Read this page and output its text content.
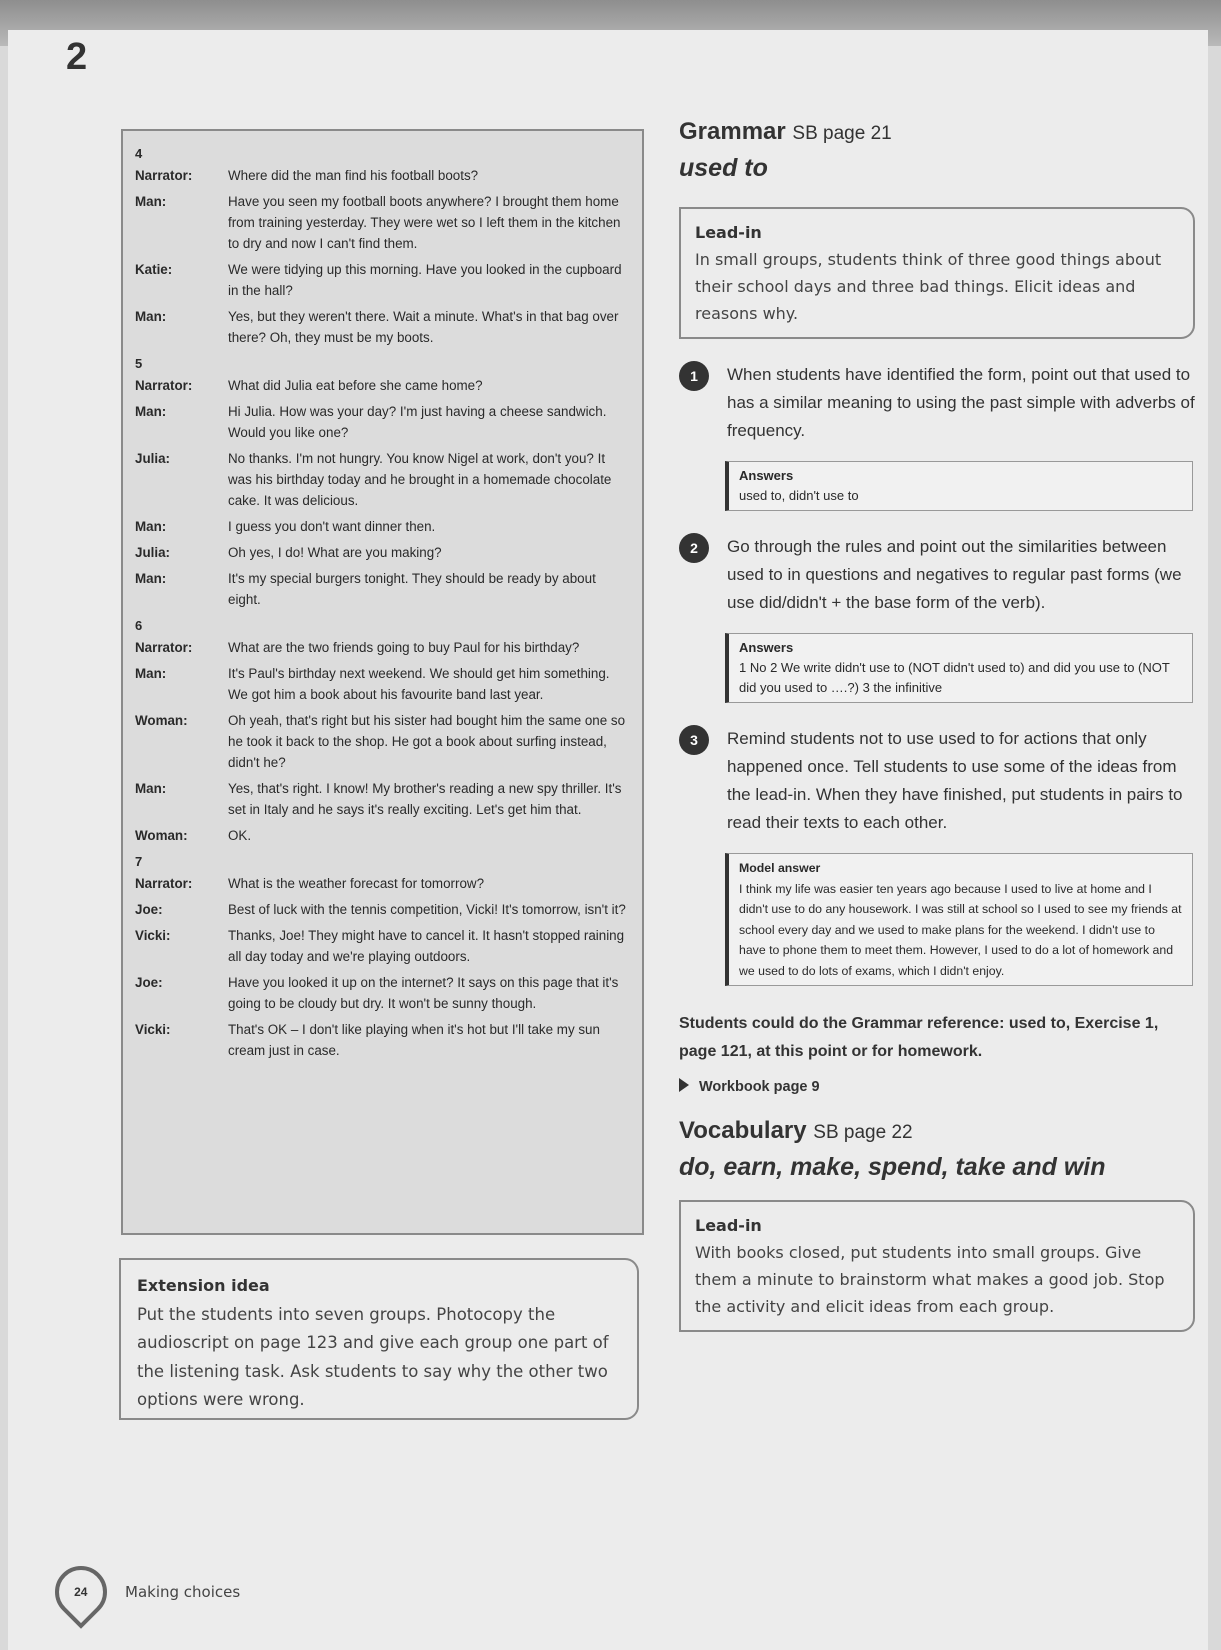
2
4
Narrator:	Where did the man find his football boots?
Man:	Have you seen my football boots anywhere? I brought them home from training yesterday. They were wet so I left them in the kitchen to dry and now I can't find them.
Katie:	We were tidying up this morning. Have you looked in the cupboard in the hall?
Man:	Yes, but they weren't there. Wait a minute. What's in that bag over there? Oh, they must be my boots.
5
Narrator:	What did Julia eat before she came home?
Man:	Hi Julia. How was your day? I'm just having a cheese sandwich. Would you like one?
Julia:	No thanks. I'm not hungry. You know Nigel at work, don't you? It was his birthday today and he brought in a homemade chocolate cake. It was delicious.
Man:	I guess you don't want dinner then.
Julia:	Oh yes, I do! What are you making?
Man:	It's my special burgers tonight. They should be ready by about eight.
6
Narrator:	What are the two friends going to buy Paul for his birthday?
Man:	It's Paul's birthday next weekend. We should get him something. We got him a book about his favourite band last year.
Woman:	Oh yeah, that's right but his sister had bought him the same one so he took it back to the shop. He got a book about surfing instead, didn't he?
Man:	Yes, that's right. I know! My brother's reading a new spy thriller. It's set in Italy and he says it's really exciting. Let's get him that.
Woman:	OK.
7
Narrator:	What is the weather forecast for tomorrow?
Joe:	Best of luck with the tennis competition, Vicki! It's tomorrow, isn't it?
Vicki:	Thanks, Joe! They might have to cancel it. It hasn't stopped raining all day today and we're playing outdoors.
Joe:	Have you looked it up on the internet? It says on this page that it's going to be cloudy but dry. It won't be sunny though.
Vicki:	That's OK – I don't like playing when it's hot but I'll take my sun cream just in case.
Extension idea
Put the students into seven groups. Photocopy the audioscript on page 123 and give each group one part of the listening task. Ask students to say why the other two options were wrong.
Grammar SB page 21
used to
Lead-in
In small groups, students think of three good things about their school days and three bad things. Elicit ideas and reasons why.
1	When students have identified the form, point out that used to has a similar meaning to using the past simple with adverbs of frequency.
Answers
used to, didn't use to
2	Go through the rules and point out the similarities between used to in questions and negatives to regular past forms (we use did/didn't + the base form of the verb).
Answers
1 No 2 We write didn't use to (NOT didn't used to) and did you use to (NOT did you used to ….?) 3 the infinitive
3	Remind students not to use used to for actions that only happened once. Tell students to use some of the ideas from the lead-in. When they have finished, put students in pairs to read their texts to each other.
Model answer
I think my life was easier ten years ago because I used to live at home and I didn't use to do any housework. I was still at school so I used to see my friends at school every day and we used to make plans for the weekend. I didn't use to have to phone them to meet them. However, I used to do a lot of homework and we used to do lots of exams, which I didn't enjoy.
Students could do the Grammar reference: used to, Exercise 1, page 121, at this point or for homework.
Workbook page 9
Vocabulary SB page 22
do, earn, make, spend, take and win
Lead-in
With books closed, put students into small groups. Give them a minute to brainstorm what makes a good job. Stop the activity and elicit ideas from each group.
24 Making choices
